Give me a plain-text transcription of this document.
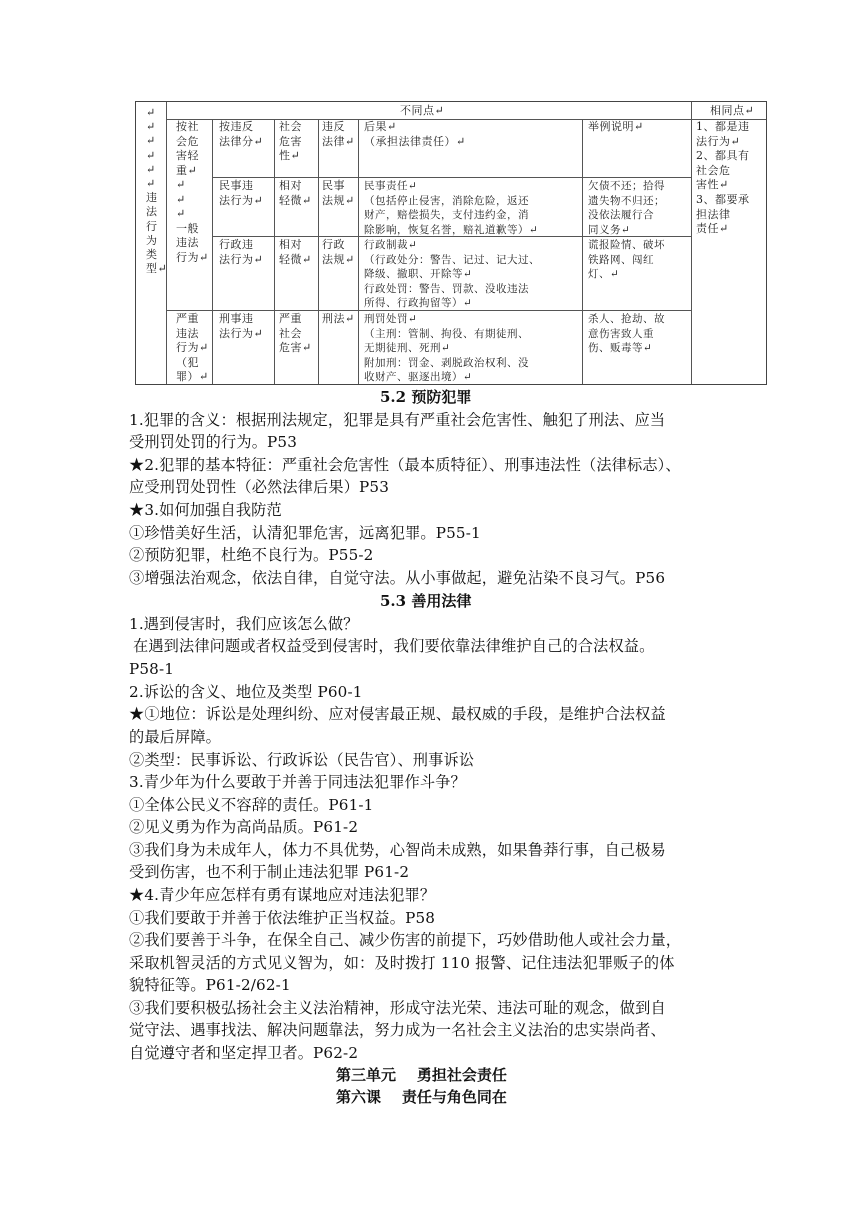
不同点↵	相同点↵
↵
↵
↵
↵
↵
↵
违
法
行
为
类
型↵
按社
会危
害轻
重↵
按违反
法律分↵
社会
危害
性↵
违反
法律↵
后果↵
（承担法律责任）↵
举例说明↵	1、都是违
法行为↵
2、都具有
社会危
害性↵
3、都要承
担法律
责任↵
↵
↵
↵
一般
违法
行为↵
民事违
法行为↵
相对
轻微↵
民事
法规↵
民事责任↵
（包括停止侵害，消除危险，返还
财产，赔偿损失，支付违约金，消
除影响，恢复名誉，赔礼道歉等）↵
欠债不还；拾得
遗失物不归还；
没依法履行合
同义务↵
行政违
法行为↵
相对
轻微↵
行政
法规↵
行政制裁↵
（行政处分：警告、记过、记大过、
降级、撤职、开除等↵
行政处罚：警告、罚款、没收违法
所得、行政拘留等）↵
谎报险情、破坏
铁路网、闯红
灯、↵
严重
违法
行为↵
（犯
罪）↵
刑事违
法行为↵
严重
社会
危害↵
刑法↵ 刑罚处罚↵
（主刑：管制、拘役、有期徒刑、
无期徒刑、死刑↵
附加刑：罚金、剥脱政治权利、没
收财产、驱逐出境）↵
杀人、抢劫、故
意伤害致人重
伤、贩毒等↵
5.2 预防犯罪
1.犯罪的含义：根据刑法规定，犯罪是具有严重社会危害性、触犯了刑法、应当
受刑罚处罚的行为。P53
★2.犯罪的基本特征：严重社会危害性（最本质特征）、刑事违法性（法律标志）、
应受刑罚处罚性（必然法律后果）P53
★3.如何加强自我防范
①珍惜美好生活，认清犯罪危害，远离犯罪。P55-1
②预防犯罪，杜绝不良行为。P55-2
③增强法治观念，依法自律，自觉守法。从小事做起，避免沾染不良习气。P56
5.3 善用法律
1.遇到侵害时，我们应该怎么做？
在遇到法律问题或者权益受到侵害时，我们要依靠法律维护自己的合法权益。
P58-1
2.诉讼的含义、地位及类型 P60-1
★①地位：诉讼是处理纠纷、应对侵害最正规、最权威的手段，是维护合法权益
的最后屏障。
②类型：民事诉讼、行政诉讼（民告官）、刑事诉讼
3.青少年为什么要敢于并善于同违法犯罪作斗争？
①全体公民义不容辞的责任。P61-1
②见义勇为作为高尚品质。P61-2
③我们身为未成年人，体力不具优势，心智尚未成熟，如果鲁莽行事，自己极易
受到伤害，也不利于制止违法犯罪 P61-2
★4.青少年应怎样有勇有谋地应对违法犯罪？
①我们要敢于并善于依法维护正当权益。P58
②我们要善于斗争，在保全自己、减少伤害的前提下，巧妙借助他人或社会力量，
采取机智灵活的方式见义智为，如：及时拨打 110 报警、记住违法犯罪贩子的体
貌特征等。P61-2/62-1
③我们要积极弘扬社会主义法治精神，形成守法光荣、违法可耻的观念，做到自
觉守法、遇事找法、解决问题靠法，努力成为一名社会主义法治的忠实崇尚者、
自觉遵守者和坚定捍卫者。P62-2
第三单元    勇担社会责任
第六课    责任与角色同在
